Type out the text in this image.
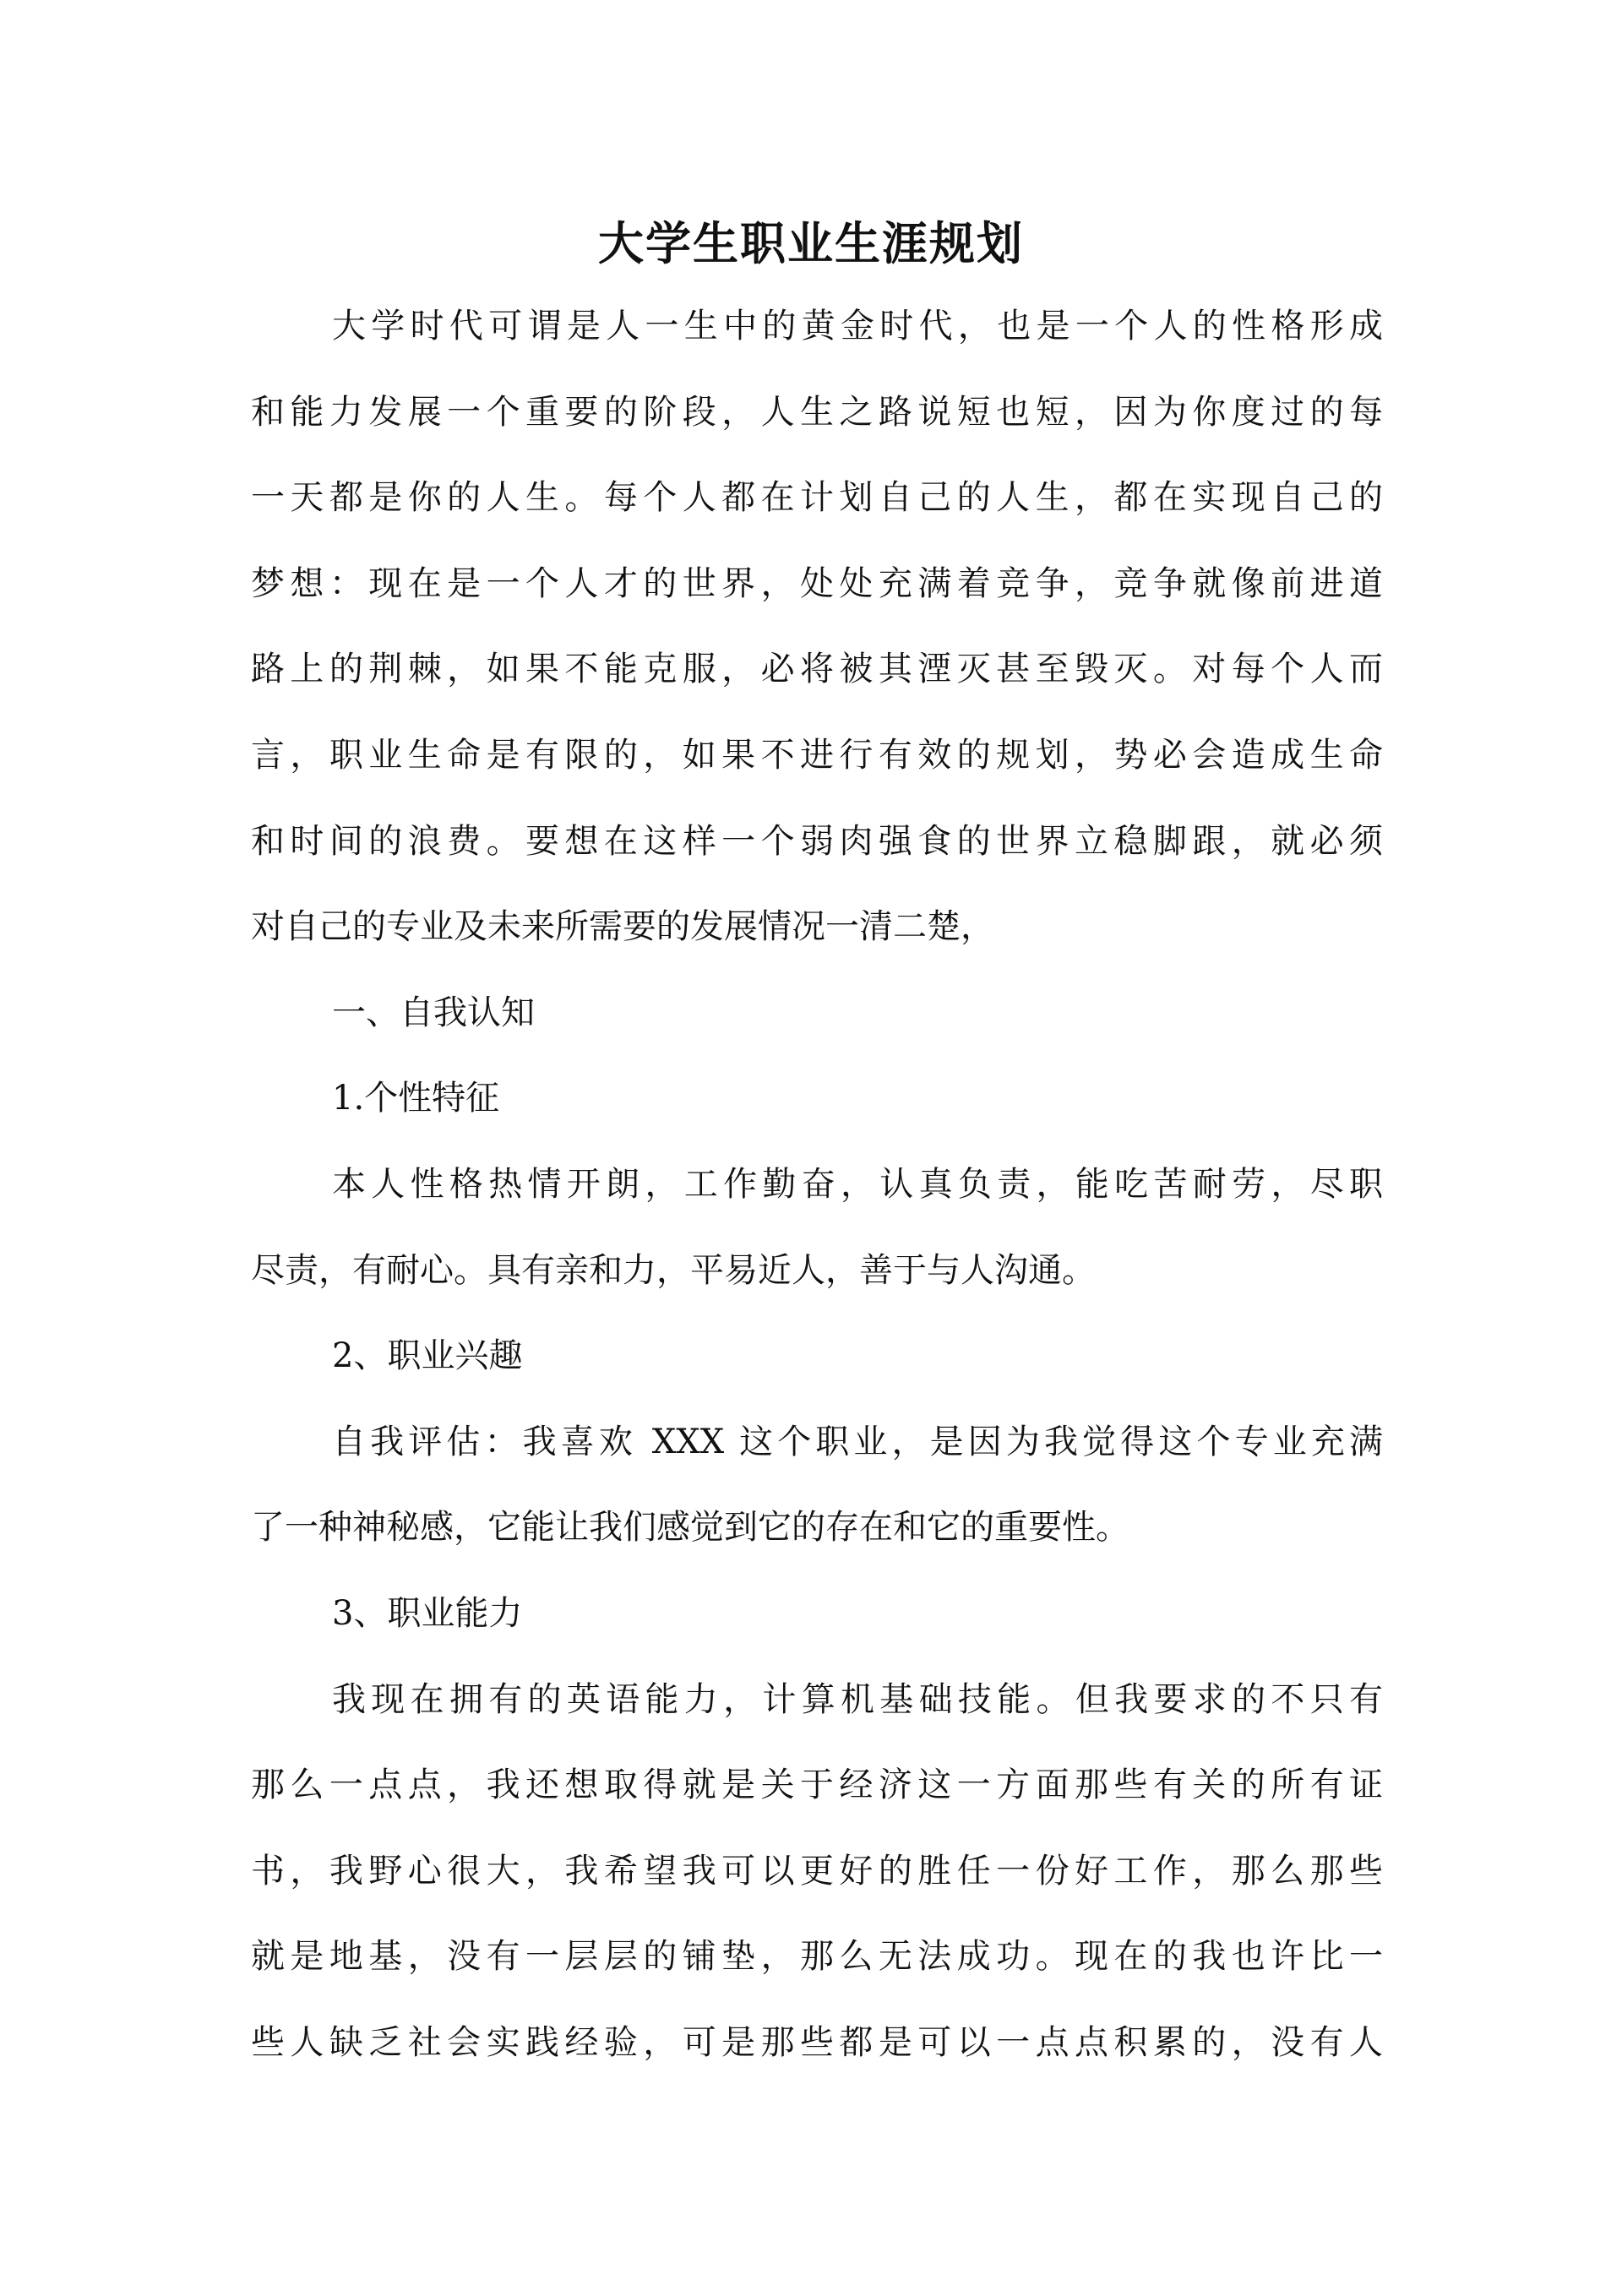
大学生职业生涯规划
大学时代可谓是人一生中的黄金时代，也是一个人的性格形成
和能力发展一个重要的阶段，人生之路说短也短，因为你度过的每
一天都是你的人生。每个人都在计划自己的人生，都在实现自己的
梦想：现在是一个人才的世界，处处充满着竞争，竞争就像前进道
路上的荆棘，如果不能克服，必将被其湮灭甚至毁灭。对每个人而
言，职业生命是有限的，如果不进行有效的规划，势必会造成生命
和时间的浪费。要想在这样一个弱肉强食的世界立稳脚跟，就必须
对自己的专业及未来所需要的发展情况一清二楚，
一、自我认知
1.个性特征
本人性格热情开朗，工作勤奋，认真负责，能吃苦耐劳，尽职
尽责，有耐心。具有亲和力，平易近人，善于与人沟通。
2、职业兴趣
自我评估：我喜欢 XXX 这个职业，是因为我觉得这个专业充满
了一种神秘感，它能让我们感觉到它的存在和它的重要性。
3、职业能力
我现在拥有的英语能力，计算机基础技能。但我要求的不只有
那么一点点，我还想取得就是关于经济这一方面那些有关的所有证
书，我野心很大，我希望我可以更好的胜任一份好工作，那么那些
就是地基，没有一层层的铺垫，那么无法成功。现在的我也许比一
些人缺乏社会实践经验，可是那些都是可以一点点积累的，没有人
